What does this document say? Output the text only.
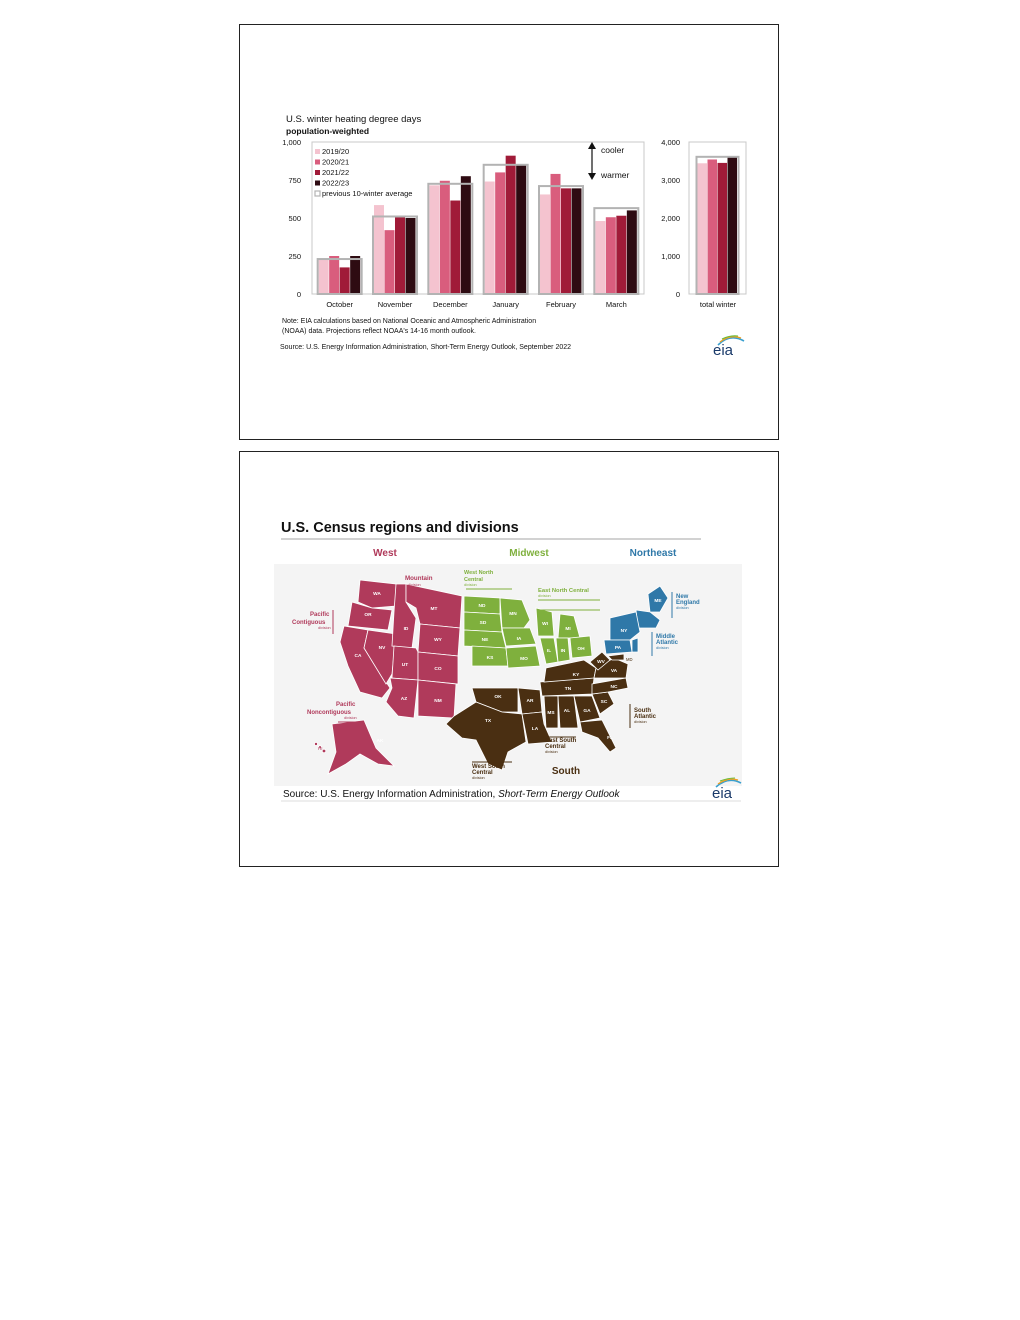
U.S. winter heating degree days
population-weighted
1,000
750
500
250
0
October	November	December	January	February	March
2019/20
2020/21
2021/22
2022/23
previous 10-winter average
cooler
warmer
4,000
3,000
2,000
1,000
0
total winter
Note: EIA calculations based on National Oceanic and Atmospheric Administration
(NOAA) data. Projections reflect NOAA's 14-16 month outlook.
Source: U.S. Energy Information Administration, Short-Term Energy Outlook, September 2022	eia
U.S. Census regions and divisions
West	Midwest	Northeast
WA
OR
CA
NV
ID
MT
WY
UT
CO
AZ	NM
AK
HI
Mountain
division
Pacific
Contiguous
division
Pacific
Noncontiguous
division
ND
SD
NE
KS
MN
IA
MO
WI
MI
IL IN OH
West North
Central
division
East North Central
division
ME
NY
PA
New
England
division
Middle
Atlantic
division
OK
TX
AR
LA
MS AL
TN
KY
GA
FL
SC
NC
VA
WV
MD
South
Atlantic
division
East South
Central
division
West South
Central
division
South
Source: U.S. Energy Information Administration, Short-Term Energy Outlook	eia
